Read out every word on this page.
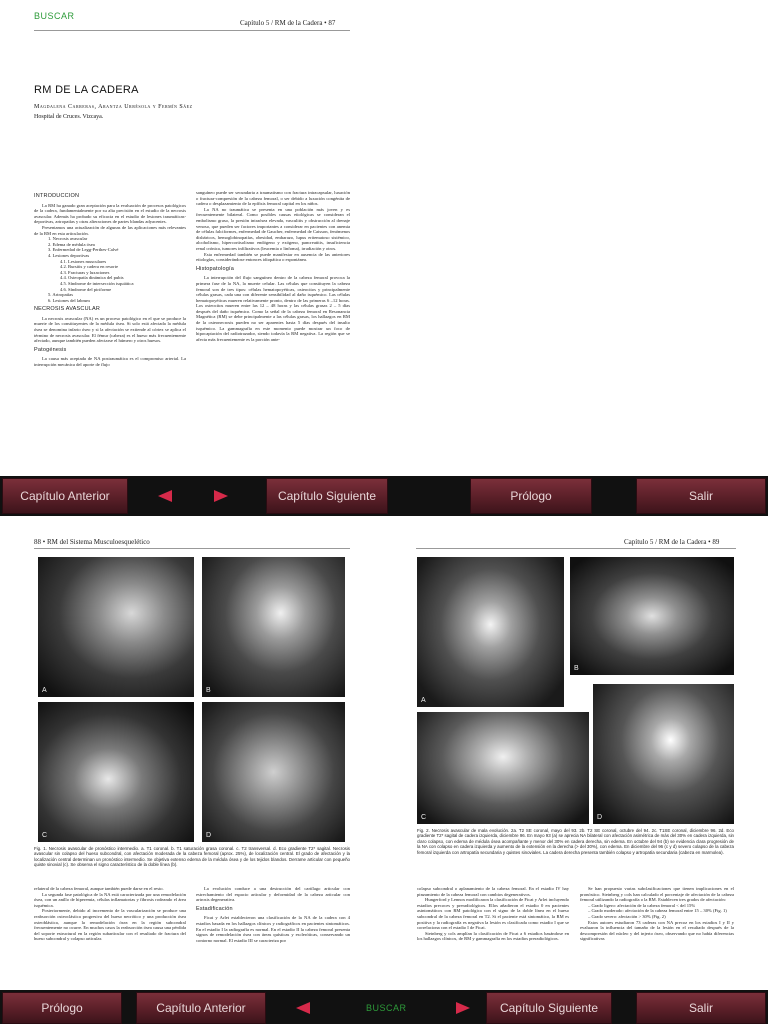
BUSCAR
Capítulo 5 / RM de la Cadera • 87
RM DE LA CADERA
Magdalena Carreras, Arantza Urrésola y Fermín Sáez
Hospital de Cruces. Vizcaya.
INTRODUCCION

La RM ha ganado gran aceptación para la evaluación de procesos patológicos de la cadera, fundamentalmente por su alta precisión en el estudio de la necrosis avascular. Además ha probado su eficacia en el estudio de lesiones traumáticas-deportivas, artropatías y otras alteraciones de partes blandas adyacentes.

Presentamos una actualización de algunas de las aplicaciones más relevantes de la RM en esta articulación.

1. Necrosis avascular
2. Edema de médula ósea
3. Enfermedad de Legg-Perthes-Calvé
4. Lesiones deportivas
4.1. Lesiones musculares
4.2. Bursitis y cadera en resorte
4.3. Fracturas y luxaciones
4.4. Osteopatía dinámica del pubis
4.5. Síndrome de intersección isquiática
4.6. Síndrome del piriforme
5. Artropatías
6. Lesiones del labrum
NECROSIS AVASCULAR

La necrosis avascular (NA) es un proceso patológico en el que se produce la muerte de los constituyentes de la médula ósea. Si solo está afectada la médula ósea se denomina infarto óseo y si la afectación se extiende al córtex se aplica el término de necrosis avascular. El fémur (cabeza) es el hueso más frecuentemente afectado, aunque también pueden afectarse el húmero y otros huesos.

Patogénesis

La causa más aceptada de NA postraumática es el compromiso arterial. La interrupción mecánica del aporte de flujo

sanguíneo puede ser secundaria a traumatismo con fractura intracapsular, luxación o fractura-compresión de la cabeza femoral, o ser debido a luxación congénita de cadera o desplazamiento de la epífisis femoral capital en los niños.

La NA no traumática se presenta en una población más joven y es frecuentemente bilateral. Como posibles causas etiológicas se consideran el embolismo graso, la presión intraósea elevada, vasculitis y obstrucción al drenaje venoso, que pueden ser factores importantes a considerar en pacientes con anemia de células falciformes, enfermedad de Gaucher, enfermedad de Caisson, fenómenos disbáricos, hemoglobinopatías, obesidad, embarazo, lupus eritematoso sistémico, alcoholismo, hipercortisolismo endógeno y exógeno, pancreatitis, insuficiencia renal crónica, tumores infiltrativos (leucemia o linfoma), irradiación y otros.

Esta enfermedad también se puede manifestar en ausencia de las anteriores etiologías, considerándose entonces idiopática o espontánea.

Histopatología

La interrupción del flujo sanguíneo dentro de la cabeza femoral provoca la primera fase de la NA, la muerte celular. Las células que constituyen la cabeza femoral son de tres tipos: células hematopoyéticas, osteocitos y principalmente células grasas, cada una con diferente sensibilidad al daño isquémico. Las células hematopoyéticas mueren relativamente pronto, dentro de las primeras 6 –12 horas. Los osteocitos mueren entre las 12 – 48 horas y las células grasas 2 – 5 días después del daño isquémico. Como la señal de la cabeza femoral en Resonancia Magnética (RM) se debe principalmente a las células grasas, los hallazgos en RM de la osteonecrosis pueden no ser aparentes hasta 5 días después del insulto isquémico. La gammagrafía en este momento puede mostrar un foco de hipocaptación del radiotrazador, siendo todavía la RM negativa. La región que se afecta más frecuentemente es la porción ante-

Capítulo Anterior	Capítulo Siguiente	Prólogo	Salir
88 • RM del Sistema Musculoesquelético
A	B
C	D
Fig. 1. Necrosis avascular de pronóstico intermedio. a. T1 coronal. b. T1 saturación grasa coronal. c. T2 transversal. d. Eco gradiente T2* sagital. Necrosis avascular sin colapso del hueso subcondral, con afectación moderada de la cabeza femoral (aprox. 25%), de localización central. El grado de afectación y la localización central determinan un pronóstico intermedio. Se objetiva extenso edema de la médula ósea y de los tejidos blandos. Derrame articular con pequeño quiste sinovial (c). Se observa el signo característico de la doble línea (b).

relateral de la cabeza femoral, aunque también puede darse en el resto.

La segunda fase patológica de la NA está caracterizada por una remodelación ósea, con un anillo de hiperemia, células inflamatorias y fibrosis rodeando el área isquémica.

Posteriormente, debido al incremento de la vascularización se produce una reabsorción osteoclástica progresiva del hueso necrótico y una producción ósea osteoblástica, aunque la remodelación ósea en la región subcondral frecuentemente no ocurre. En muchos casos la reabsorción ósea causa una pérdida del soporte estructural en la región subarticular con el resultado de fractura del hueso subcondral y colapso articular.

La evolución conduce a una destrucción del cartílago articular con estrechamiento del espacio articular y deformidad de la cabeza articular con artrosis degenerativa.

Estadificación

Ficat y Arlet establecieron una clasificación de la NA de la cadera con 4 estadios basada en los hallazgos clínicos y radiográficos en pacientes sintomáticos. En el estadio I la radiografía es normal. En el estadio II la cabeza femoral presenta signos de remodelación ósea con áreas quísticas y escleróticas, conservando un contorno normal. El estadio III se caracteriza por

Capítulo 5 / RM de la Cadera • 89
A
B
C	D
Fig. 2. Necrosis avascular de mala evolución. 2a. T2 SE coronal, mayo del 93. 2b. T2 SE coronal, octubre del 94. 2c. T1SE coronal, diciembre 96. 2d. Eco gradiente T2* sagital de cadera izquierda, diciembre 96. En mayo 93 (a) se aprecia NA bilateral con afectación asimétrica de más del 30% en cadera izquierda, sin claro colapso, con edema de médula ósea acompañante y menor del 30% en cadera derecha, sin edema. En octubre del 94 (b) se evidencia clara progresión de la NA con colapso en cadera izquierda y aumento de la extensión en la derecha (> del 30%), con edema. En diciembre del 96 (c y d) severo colapso de la cabeza femoral izquierda con artropatía secundaria y quistes sinoviales. La cadera derecha presenta también colapso y artropatía secundaria (cabeza en marmolea).

colapso subcondral o aplanamiento de la cabeza femoral. En el estadio IV hay pinzamiento de la cabeza femoral con cambios degenerativos.

Hungerford y Lennox modificaron la clasificación de Ficat y Arlet incluyendo estadios precoces y preradiológicos. Ellos añadieron el estadio 0 en pacientes asintomáticos con RM patológica con el signo de la doble línea en el hueso subcondral de la cabeza femoral en T2. Si el paciente está sintomático, la RM es positiva y la radiografía es negativa la lesión es clasificada como estadio I que se correlaciona con el estadio I de Ficat.

Steinberg y cols amplían la clasificación de Ficat a 6 estadios basándose en los hallazgos clínicos, de RM y gammagrafía en los estadios preradiológicos.

Se han propuesto varias subclasificaciones que tienen implicaciones en el pronóstico. Steinberg y cols han calculado el porcentaje de afectación de la cabeza femoral utilizando la radiografía o la RM. Establecen tres grados de afectación:

– Grado ligero: afectación de la cabeza femoral < del 15%

– Grado moderado: afectación de la cabeza femoral entre 15 – 30% (Fig. 1)

– Grado severo: afectación > 30% (Fig. 2)

Estos autores estudiaron 73 caderas con NA precoz en los estadios I y II y evaluaron la influencia del tamaño de la lesión en el resultado después de la descompresión del núcleo y del injerto óseo, observando que no había diferencias significativas

Prólogo	Capítulo Anterior	BUSCAR	Capítulo Siguiente	Salir
